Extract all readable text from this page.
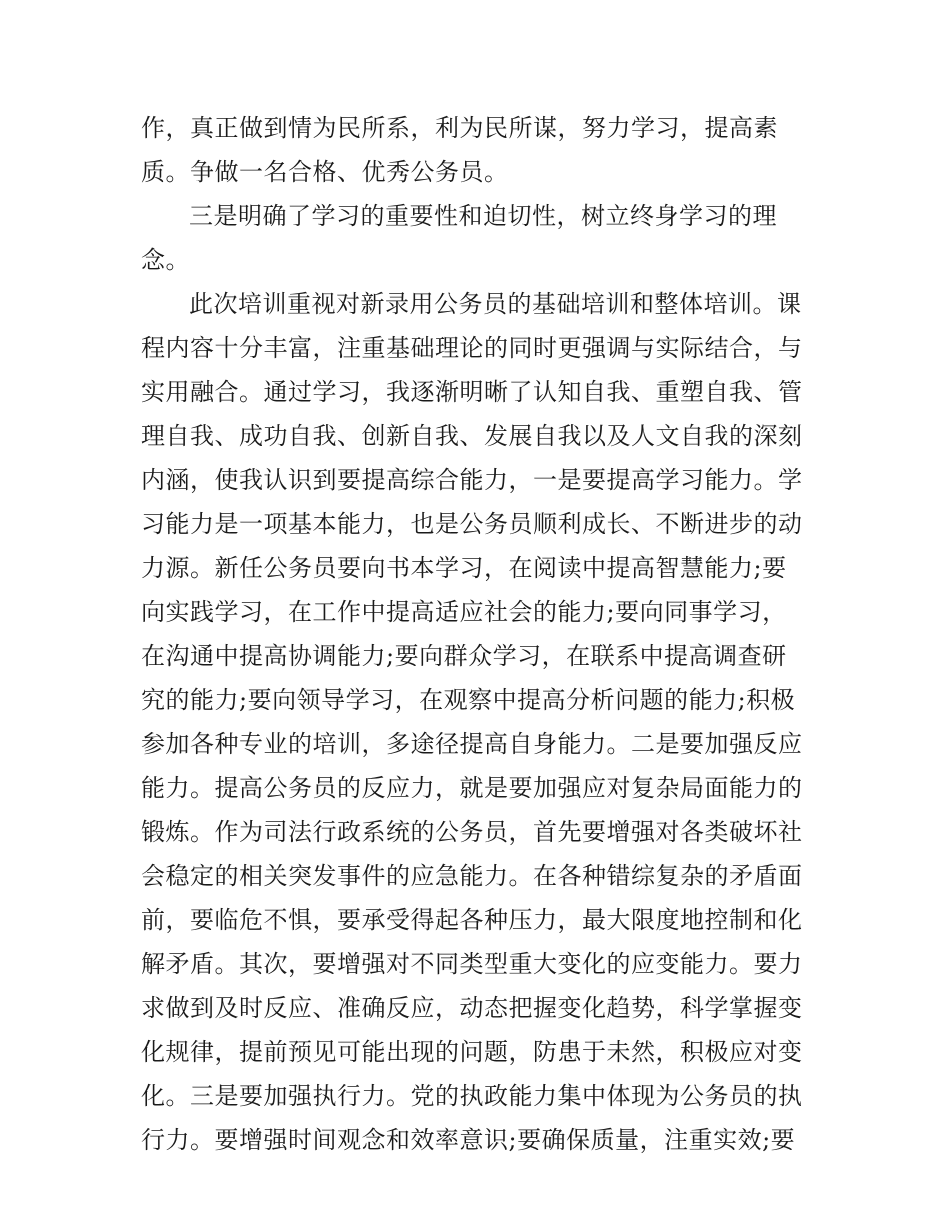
作，真正做到情为民所系，利为民所谋，努力学习，提高素
质。争做一名合格、优秀公务员。
三是明确了学习的重要性和迫切性，树立终身学习的理
念。
此次培训重视对新录用公务员的基础培训和整体培训。课
程内容十分丰富，注重基础理论的同时更强调与实际结合，与
实用融合。通过学习，我逐渐明晰了认知自我、重塑自我、管
理自我、成功自我、创新自我、发展自我以及人文自我的深刻
内涵，使我认识到要提高综合能力，一是要提高学习能力。学
习能力是一项基本能力，也是公务员顺利成长、不断进步的动
力源。新任公务员要向书本学习，在阅读中提高智慧能力;要
向实践学习，在工作中提高适应社会的能力;要向同事学习，
在沟通中提高协调能力;要向群众学习，在联系中提高调查研
究的能力;要向领导学习，在观察中提高分析问题的能力;积极
参加各种专业的培训，多途径提高自身能力。二是要加强反应
能力。提高公务员的反应力，就是要加强应对复杂局面能力的
锻炼。作为司法行政系统的公务员，首先要增强对各类破坏社
会稳定的相关突发事件的应急能力。在各种错综复杂的矛盾面
前，要临危不惧，要承受得起各种压力，最大限度地控制和化
解矛盾。其次，要增强对不同类型重大变化的应变能力。要力
求做到及时反应、准确反应，动态把握变化趋势，科学掌握变
化规律，提前预见可能出现的问题，防患于未然，积极应对变
化。三是要加强执行力。党的执政能力集中体现为公务员的执
行力。要增强时间观念和效率意识;要确保质量，注重实效;要
